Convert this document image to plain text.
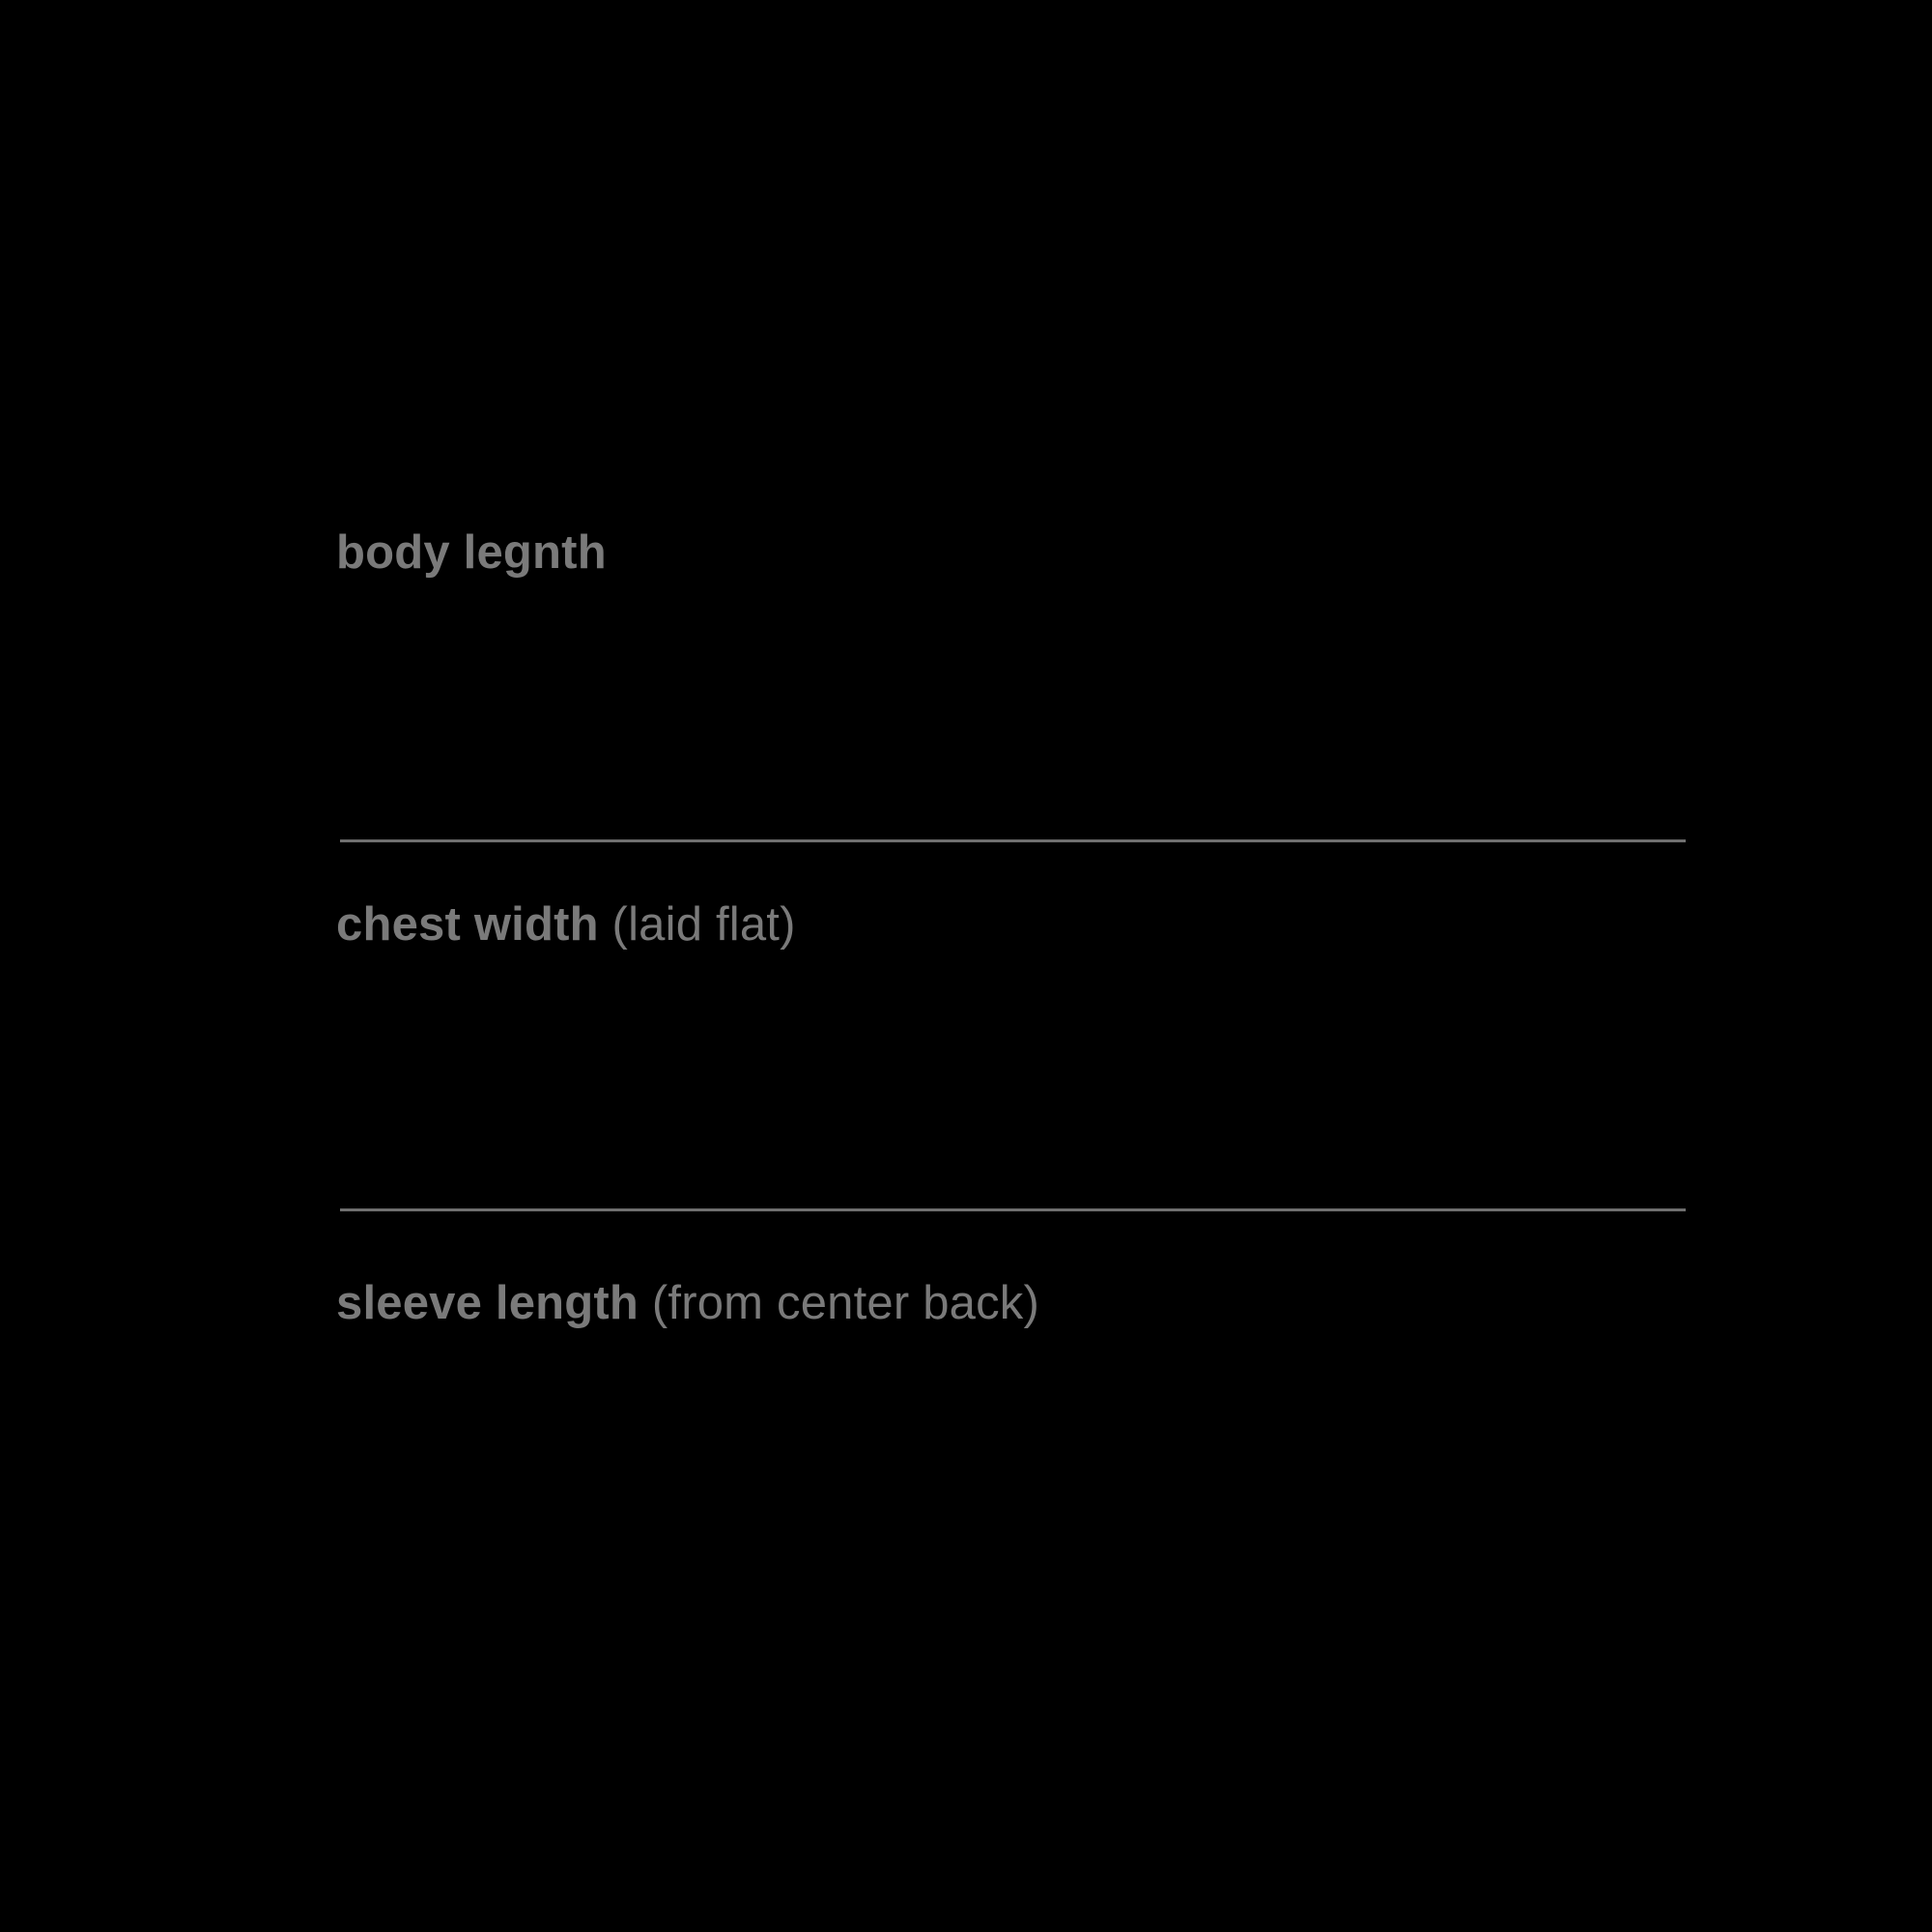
body legnth
chest width (laid flat)
sleeve length (from center back)
